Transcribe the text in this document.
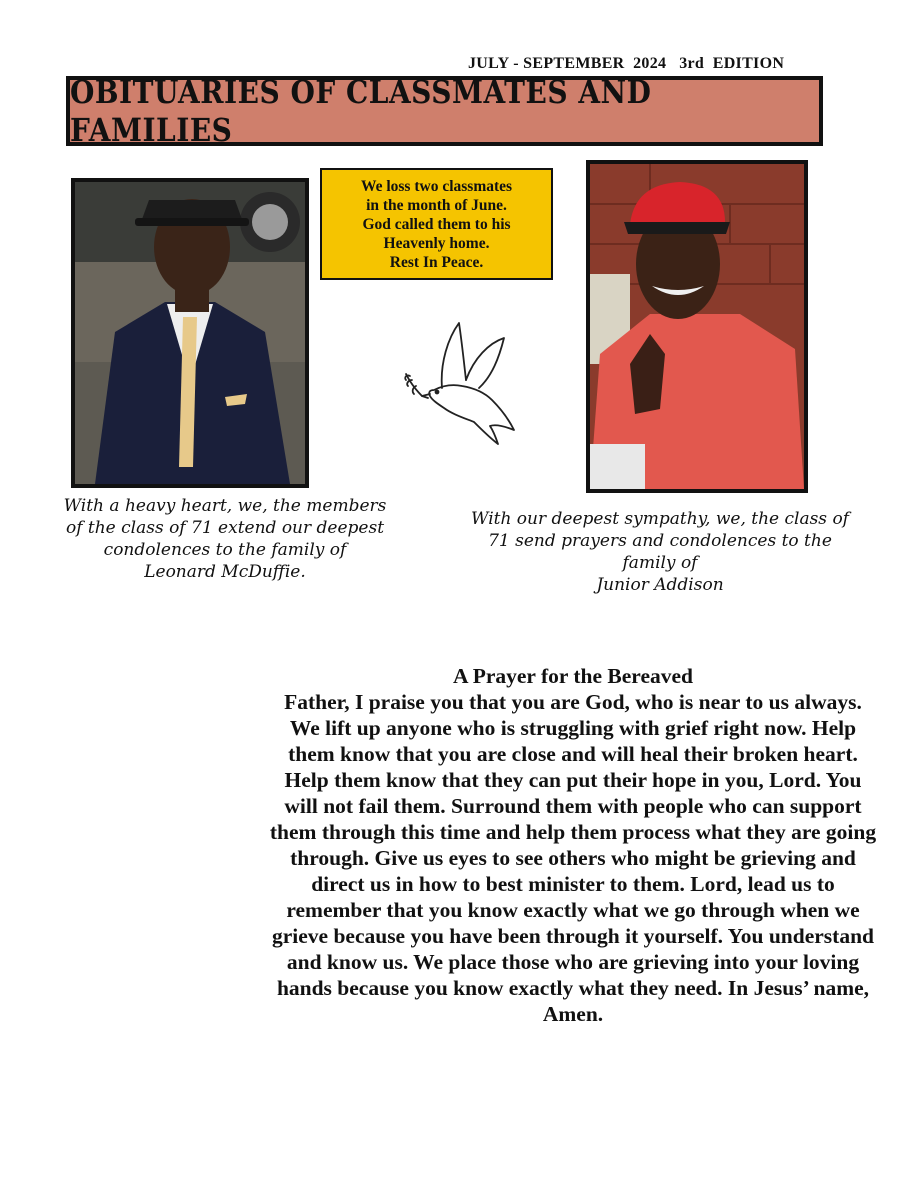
JULY - SEPTEMBER  2024   3rd  EDITION
OBITUARIES OF CLASSMATES AND FAMILIES
We loss two classmates
in the month of June.
God called them to his
Heavenly home.
Rest In Peace.
With a heavy heart, we, the members
of the class of 71 extend our deepest
condolences to the family of
Leonard McDuffie.
With our deepest sympathy, we, the class of
71 send prayers and condolences to the
family of
Junior Addison
A Prayer for the Bereaved
Father, I praise you that you are God, who is near to us always. We lift up anyone who is struggling with grief right now. Help them know that you are close and will heal their broken heart. Help them know that they can put their hope in you, Lord. You will not fail them. Surround them with people who can support them through this time and help them process what they are going through. Give us eyes to see others who might be grieving and direct us in how to best minister to them. Lord, lead us to remember that you know exactly what we go through when we grieve because you have been through it yourself. You understand and know us. We place those who are grieving into your loving hands because you know exactly what they need. In Jesus’ name, Amen.
